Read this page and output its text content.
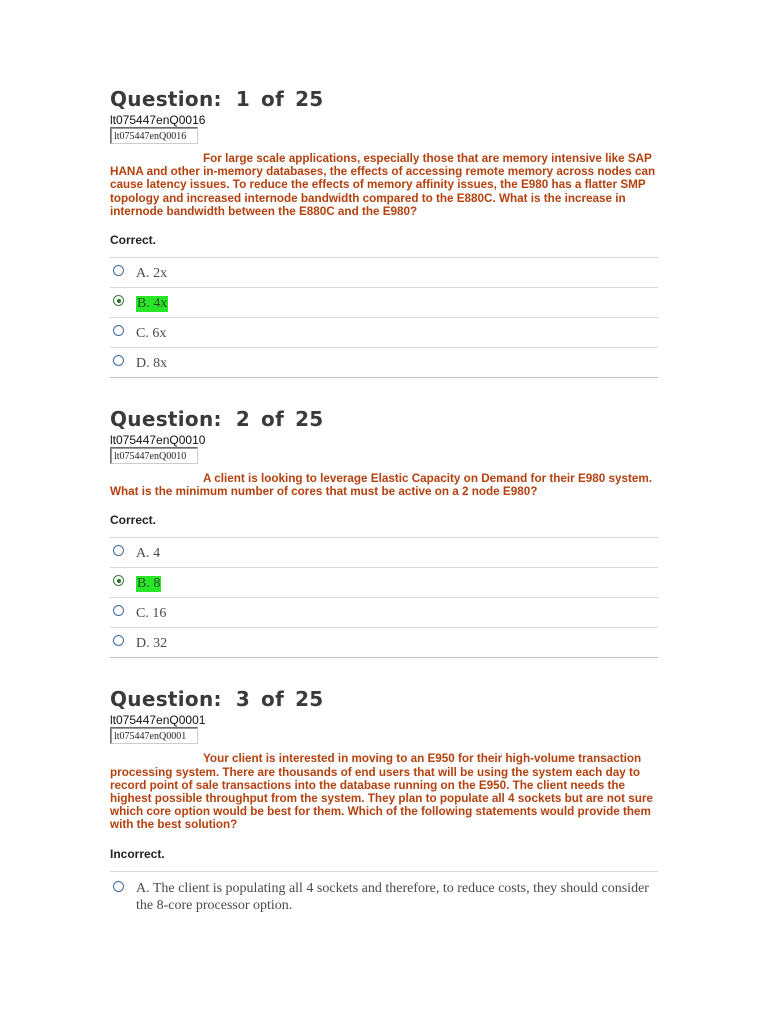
Question: 1 of 25
lt075447enQ0016
lt075447enQ0016
For large scale applications, especially those that are memory intensive like SAP HANA and other in-memory databases, the effects of accessing remote memory across nodes can cause latency issues. To reduce the effects of memory affinity issues, the E980 has a flatter SMP topology and increased internode bandwidth compared to the E880C. What is the increase in internode bandwidth between the E880C and the E980?
Correct.
A. 2x
B. 4x
C. 6x
D. 8x
Question: 2 of 25
lt075447enQ0010
lt075447enQ0010
A client is looking to leverage Elastic Capacity on Demand for their E980 system. What is the minimum number of cores that must be active on a 2 node E980?
Correct.
A. 4
B. 8
C. 16
D. 32
Question: 3 of 25
lt075447enQ0001
lt075447enQ0001
Your client is interested in moving to an E950 for their high-volume transaction processing system. There are thousands of end users that will be using the system each day to record point of sale transactions into the database running on the E950. The client needs the highest possible throughput from the system. They plan to populate all 4 sockets but are not sure which core option would be best for them. Which of the following statements would provide them with the best solution?
Incorrect.
A. The client is populating all 4 sockets and therefore, to reduce costs, they should consider the 8-core processor option.
